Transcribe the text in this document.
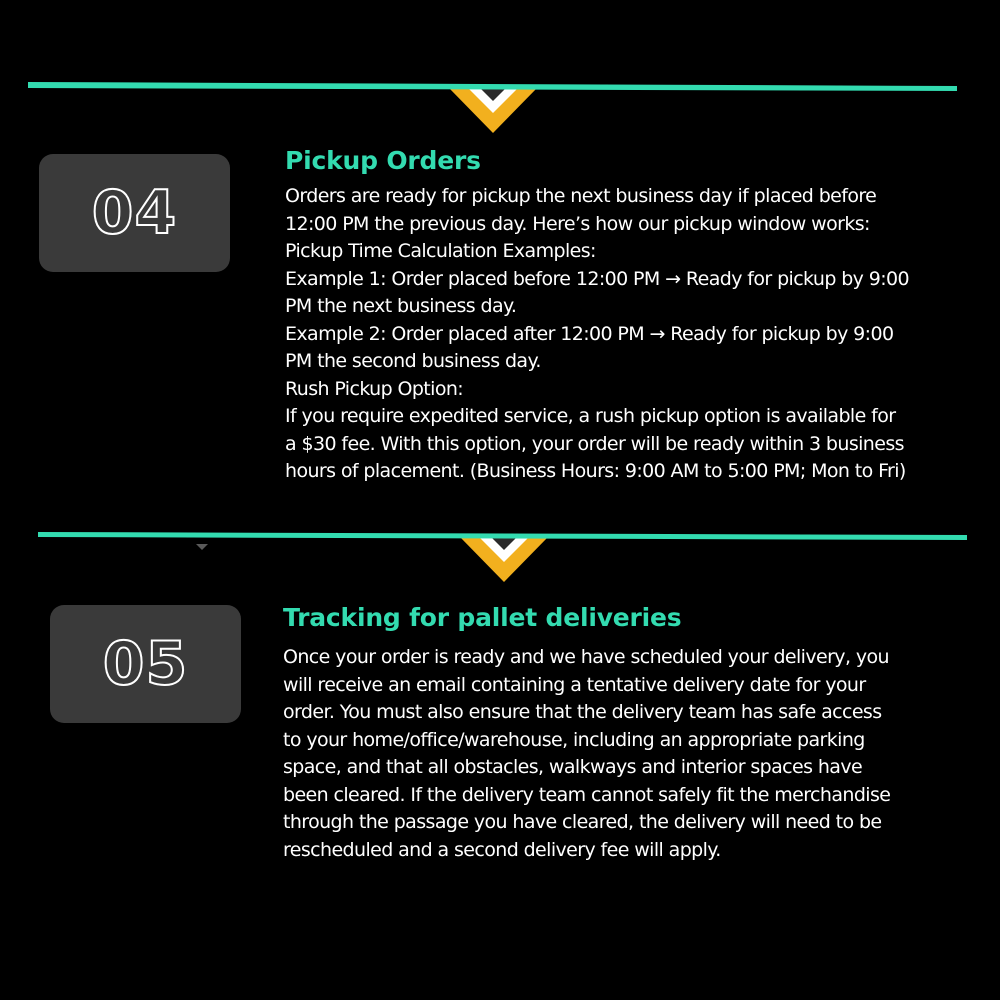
04
Pickup Orders
Orders are ready for pickup the next business day if placed before
12:00 PM the previous day. Here’s how our pickup window works:
Pickup Time Calculation Examples:
Example 1: Order placed before 12:00 PM → Ready for pickup by 9:00
PM the next business day.
Example 2: Order placed after 12:00 PM → Ready for pickup by 9:00
PM the second business day.
Rush Pickup Option:
If you require expedited service, a rush pickup option is available for
a $30 fee. With this option, your order will be ready within 3 business
hours of placement. (Business Hours: 9:00 AM to 5:00 PM; Mon to Fri)
05
Tracking for pallet deliveries
Once your order is ready and we have scheduled your delivery, you
will receive an email containing a tentative delivery date for your
order. You must also ensure that the delivery team has safe access
to your home/office/warehouse, including an appropriate parking
space, and that all obstacles, walkways and interior spaces have
been cleared. If the delivery team cannot safely fit the merchandise
through the passage you have cleared, the delivery will need to be
rescheduled and a second delivery fee will apply.
